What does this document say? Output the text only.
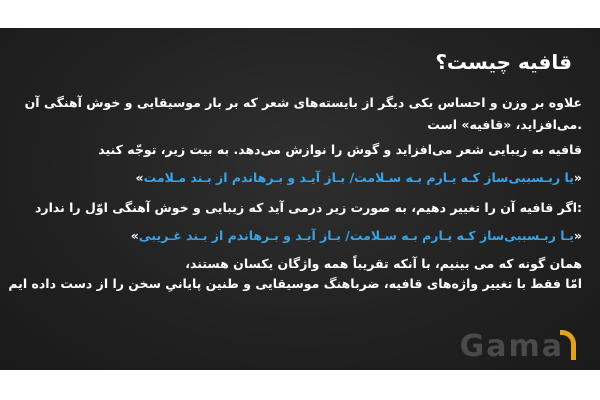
قافیه چیست؟
علاوه بر وزن و احساس یکی دیگر از بایسته‌های شعر که بر بار موسیقایی و خوش آهنگی آن
.می‌افزاید، «قافیه» است
قافیه به زیبایی شعر می‌افزاید و گوش را نوازش می‌دهد. به بیت زیر، توجّه کنید
«یا ربـسببی‌ساز کـه یـارم بـه سـلامت/ بـاز آیـد و بـرهاندم از بـند مـلامت»
:اگر قافیه آن را تغییر دهیم، به صورت زیر درمی آید که زیبایی و خوش آهنگی اوّل را ندارد
«یـا ربـسببی‌ساز کـه یـارم بـه سـلامت/ بـاز آیـد و بـرهاندم از بـند غـریبی»
همان گونه که می بینیم، با آنکه تقریباً همه واژگان یکسان هستند،
امّا فقط با تغییر واژه‌های قافیه، ضرباهنگ موسیقایی و طنین پایانیِ سخن را از دست داده ایم
Gama
